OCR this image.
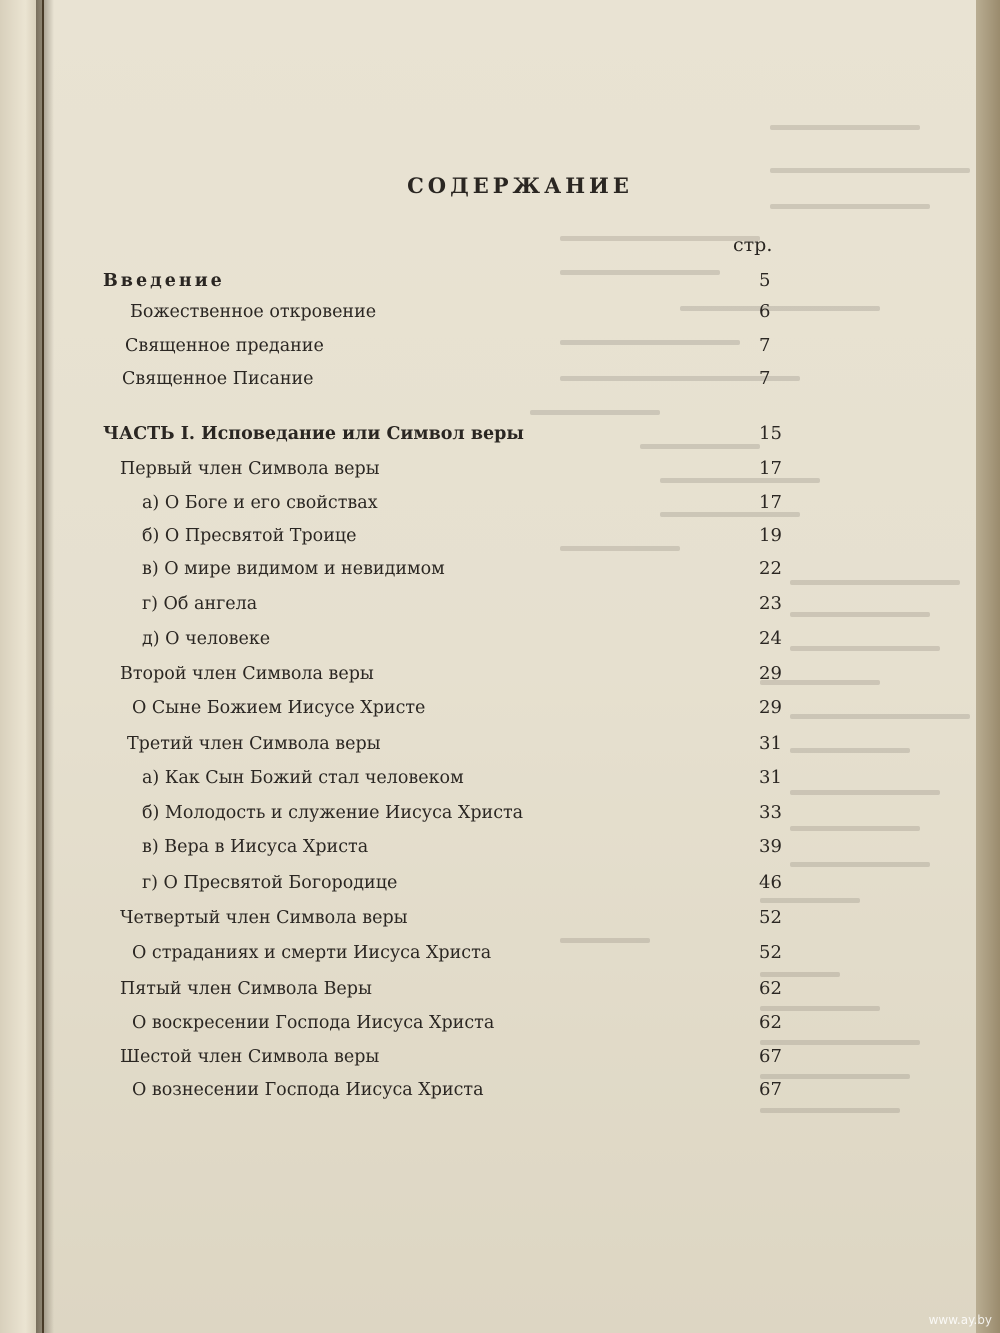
СОДЕРЖАНИЕ
стр.
Введение	5
Божественное откровение	6
Священное предание	7
Священное Писание	7
ЧАСТЬ I. Исповедание или Символ веры	15
Первый член Символа веры	17
а) О Боге и его свойствах	17
б) О Пресвятой Троице	19
в) О мире видимом и невидимом	22
г) Об ангела	23
д) О человеке	24
Второй член Символа веры	29
О Сыне Божием Иисусе Христе	29
Третий член Символа веры	31
а) Как Сын Божий стал человеком	31
б) Молодость и служение Иисуса Христа	33
в) Вера в Иисуса Христа	39
г) О Пресвятой Богородице	46
Четвертый член Символа веры	52
О страданиях и смерти Иисуса Христа	52
Пятый член Символа Веры	62
О воскресении Господа Иисуса Христа	62
Шестой член Символа веры	67
О вознесении Господа Иисуса Христа	67
www.ay.by
